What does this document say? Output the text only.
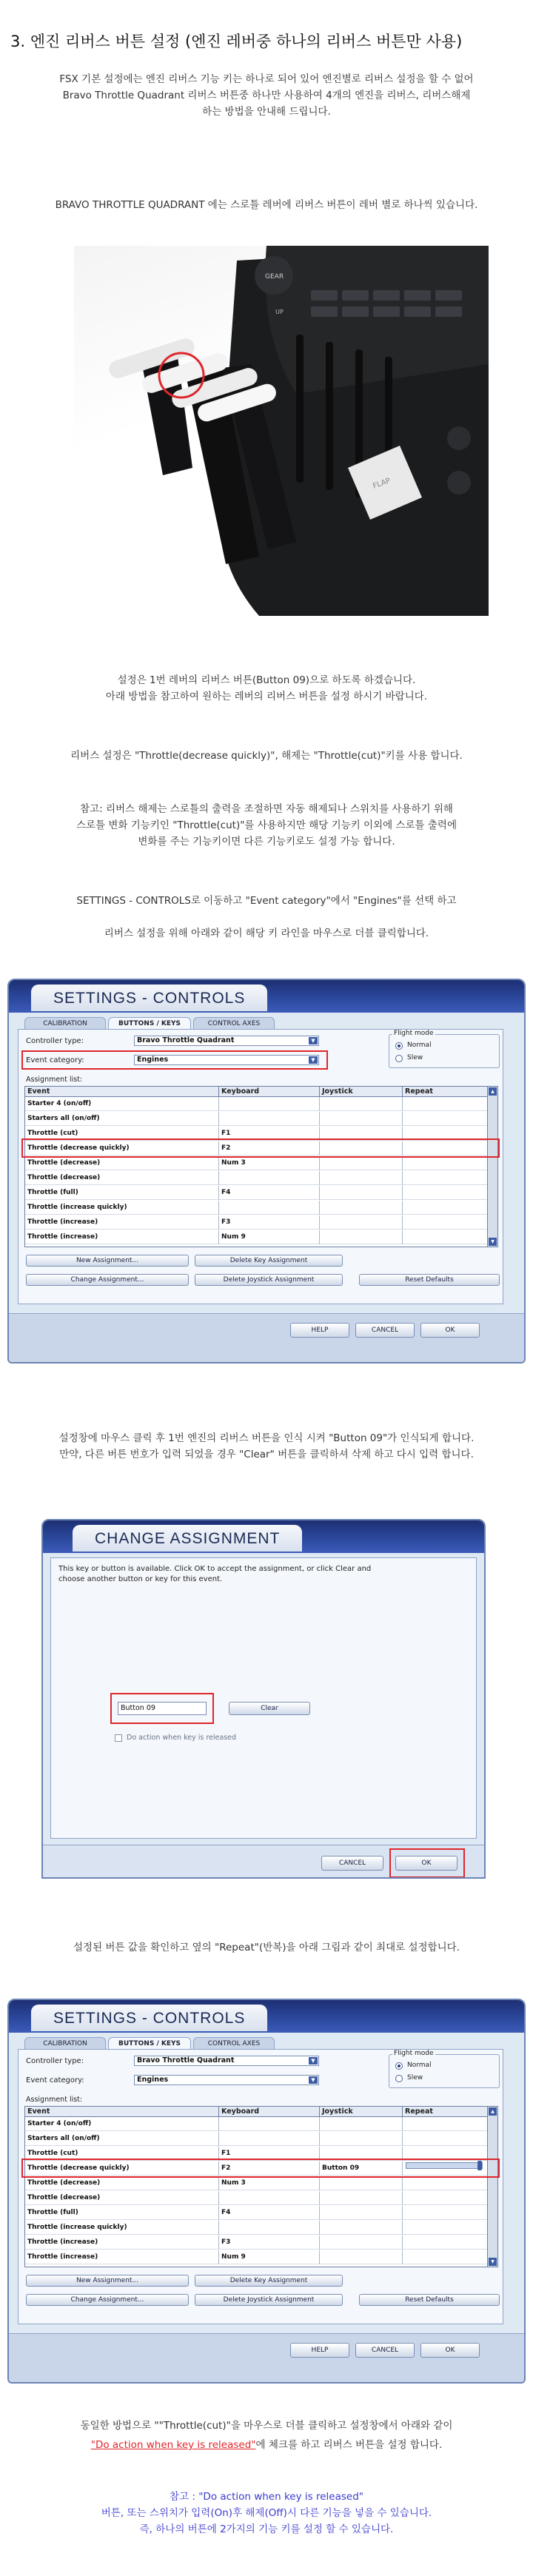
3. 엔진 리버스 버튼 설정 (엔진 레버중 하나의 리버스 버튼만 사용)
FSX 기본 설정에는 엔진 리버스 기능 키는 하나로 되어 있어 엔진별로 리버스 설정을 할 수 없어
Bravo Throttle Quadrant 리버스 버튼중 하나만 사용하여 4개의 엔진을 리버스, 리버스해제
하는 방법을 안내해 드립니다.
BRAVO THROTTLE QUADRANT 에는 스로틀 레버에 리버스 버튼이 레버 별로 하나씩 있습니다.
GEAR
UP
FLAP
설정은 1번 레버의 리버스 버튼(Button 09)으로 하도록 하겠습니다.
아래 방법을 참고하여 원하는 레버의 리버스 버튼을 설정 하시기 바랍니다.
리버스 설정은 "Throttle(decrease quickly)", 해제는 "Throttle(cut)"키를 사용 합니다.
참고: 리버스 해제는 스로틀의 출력을 조절하면 자동 해제되나 스위치를 사용하기 위해
스로틀 변화 기능키인 "Throttle(cut)"를 사용하지만 해당 기능키 이외에 스로틀 출력에
변화를 주는 기능키이면 다른 기능키로도 설정 가능 합니다.
SETTINGS - CONTROLS로 이동하고 "Event category"에서 "Engines"를 선택 하고
리버스 설정을 위해 아래와 같이 해당 키 라인을 마우스로 더블 클릭합니다.
SETTINGS - CONTROLS
CALIBRATION	BUTTONS / KEYS	CONTROL AXES
Controller type:	Bravo Throttle Quadrant	▼
Event category:	Engines	▼
Flight mode
Normal
Slew
Assignment list:
Event	Keyboard	Joystick	Repeat
Starter 4 (on/off)
Starters all (on/off)
Throttle (cut)	F1
Throttle (decrease quickly)	F2
Throttle (decrease)	Num 3
Throttle (decrease)
Throttle (full)	F4
Throttle (increase quickly)
Throttle (increase)	F3
Throttle (increase)	Num 9
▲
▼
New Assignment...	Delete Key Assignment
Change Assignment...	Delete Joystick Assignment	Reset Defaults
HELP	CANCEL	OK
설정창에 마우스 클릭 후 1번 엔진의 리버스 버튼을 인식 시켜 "Button 09"가 인식되게 합니다.
만약, 다른 버튼 번호가 입력 되었을 경우 "Clear" 버튼을 클릭하셔 삭제 하고 다시 입력 합니다.
CHANGE ASSIGNMENT
This key or button is available. Click OK to accept the assignment, or click Clear and
choose another button or key for this event.
Button 09	Clear
Do action when key is released
CANCEL	OK
설정된 버튼 값을 확인하고 옆의 "Repeat"(반복)을 아래 그림과 같이 최대로 설정합니다.
SETTINGS - CONTROLS
CALIBRATION	BUTTONS / KEYS	CONTROL AXES
Controller type:	Bravo Throttle Quadrant	▼
Event category:	Engines	▼
Flight mode
Normal
Slew
Assignment list:
Event	Keyboard	Joystick	Repeat
Starter 4 (on/off)
Starters all (on/off)
Throttle (cut)	F1
Throttle (decrease quickly)	F2	Button 09
Throttle (decrease)	Num 3
Throttle (decrease)
Throttle (full)	F4
Throttle (increase quickly)
Throttle (increase)	F3
Throttle (increase)	Num 9
▲
▼
New Assignment...	Delete Key Assignment
Change Assignment...	Delete Joystick Assignment	Reset Defaults
HELP	CANCEL	OK
동일한 방법으로 ""Throttle(cut)"을 마우스로 더블 클릭하고 설정창에서 아래와 같이
"Do action when key is released"에 체크를 하고 리버스 버튼을 설정 합니다.
참고 : "Do action when key is released"
버튼, 또는 스위치가 입력(On)후 해제(Off)시 다른 기능을 넣을 수 있습니다.
즉, 하나의 버튼에 2가지의 기능 키를 설정 할 수 있습니다.
